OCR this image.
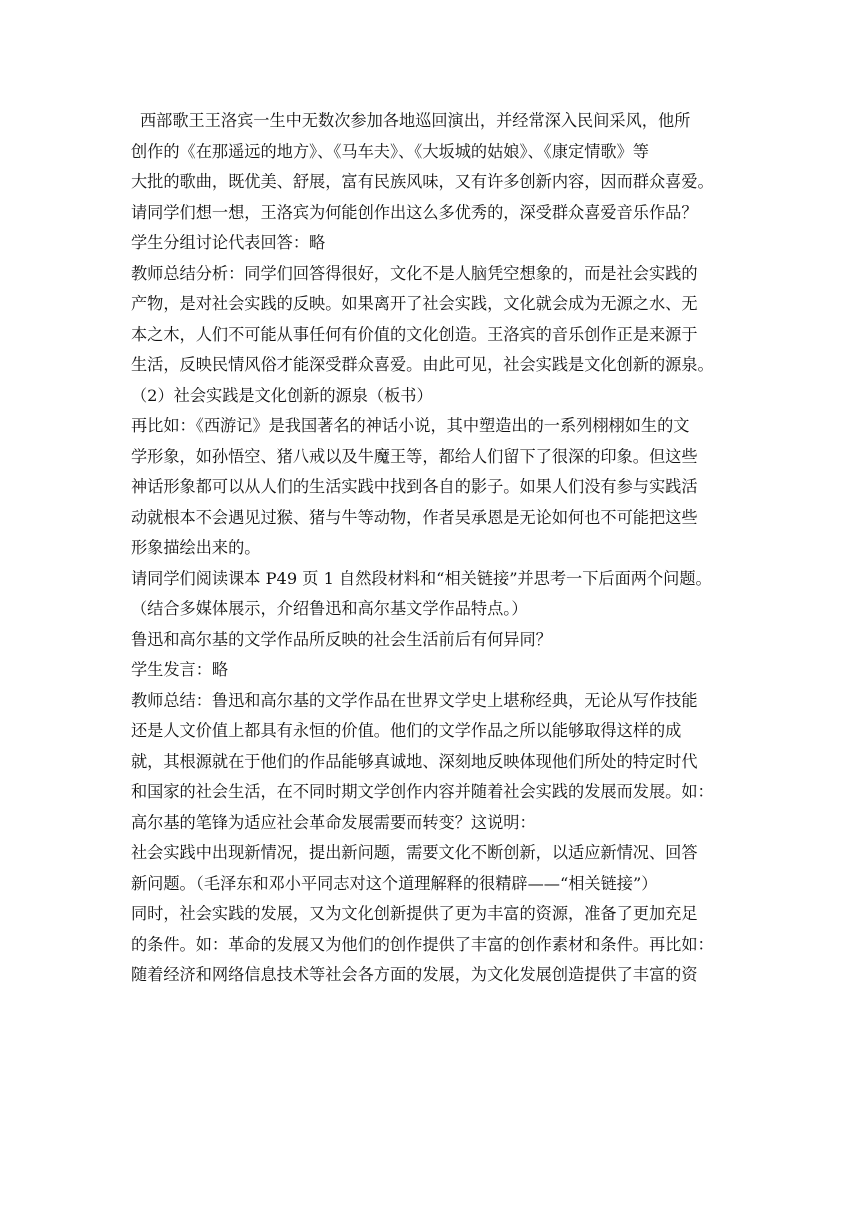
西部歌王王洛宾一生中无数次参加各地巡回演出，并经常深入民间采风，他所
创作的《在那遥远的地方》、《马车夫》、《大坂城的姑娘》、《康定情歌》等
大批的歌曲，既优美、舒展，富有民族风味，又有许多创新内容，因而群众喜爱。
请同学们想一想，王洛宾为何能创作出这么多优秀的，深受群众喜爱音乐作品？
学生分组讨论代表回答：略
教师总结分析：同学们回答得很好，文化不是人脑凭空想象的，而是社会实践的
产物，是对社会实践的反映。如果离开了社会实践，文化就会成为无源之水、无
本之木，人们不可能从事任何有价值的文化创造。王洛宾的音乐创作正是来源于
生活，反映民情风俗才能深受群众喜爱。由此可见，社会实践是文化创新的源泉。
（2）社会实践是文化创新的源泉（板书）
再比如：《西游记》是我国著名的神话小说，其中塑造出的一系列栩栩如生的文
学形象，如孙悟空、猪八戒以及牛魔王等，都给人们留下了很深的印象。但这些
神话形象都可以从人们的生活实践中找到各自的影子。如果人们没有参与实践活
动就根本不会遇见过猴、猪与牛等动物，作者吴承恩是无论如何也不可能把这些
形象描绘出来的。
请同学们阅读课本 P49 页 1 自然段材料和“相关链接”并思考一下后面两个问题。
（结合多媒体展示，介绍鲁迅和高尔基文学作品特点。）
鲁迅和高尔基的文学作品所反映的社会生活前后有何异同？
学生发言：略
教师总结：鲁迅和高尔基的文学作品在世界文学史上堪称经典，无论从写作技能
还是人文价值上都具有永恒的价值。他们的文学作品之所以能够取得这样的成
就，其根源就在于他们的作品能够真诚地、深刻地反映体现他们所处的特定时代
和国家的社会生活，在不同时期文学创作内容并随着社会实践的发展而发展。如：
高尔基的笔锋为适应社会革命发展需要而转变？这说明：
社会实践中出现新情况，提出新问题，需要文化不断创新，以适应新情况、回答
新问题。（毛泽东和邓小平同志对这个道理解释的很精辟——“相关链接”）
同时，社会实践的发展，又为文化创新提供了更为丰富的资源，准备了更加充足
的条件。如：革命的发展又为他们的创作提供了丰富的创作素材和条件。再比如：
随着经济和网络信息技术等社会各方面的发展，为文化发展创造提供了丰富的资
